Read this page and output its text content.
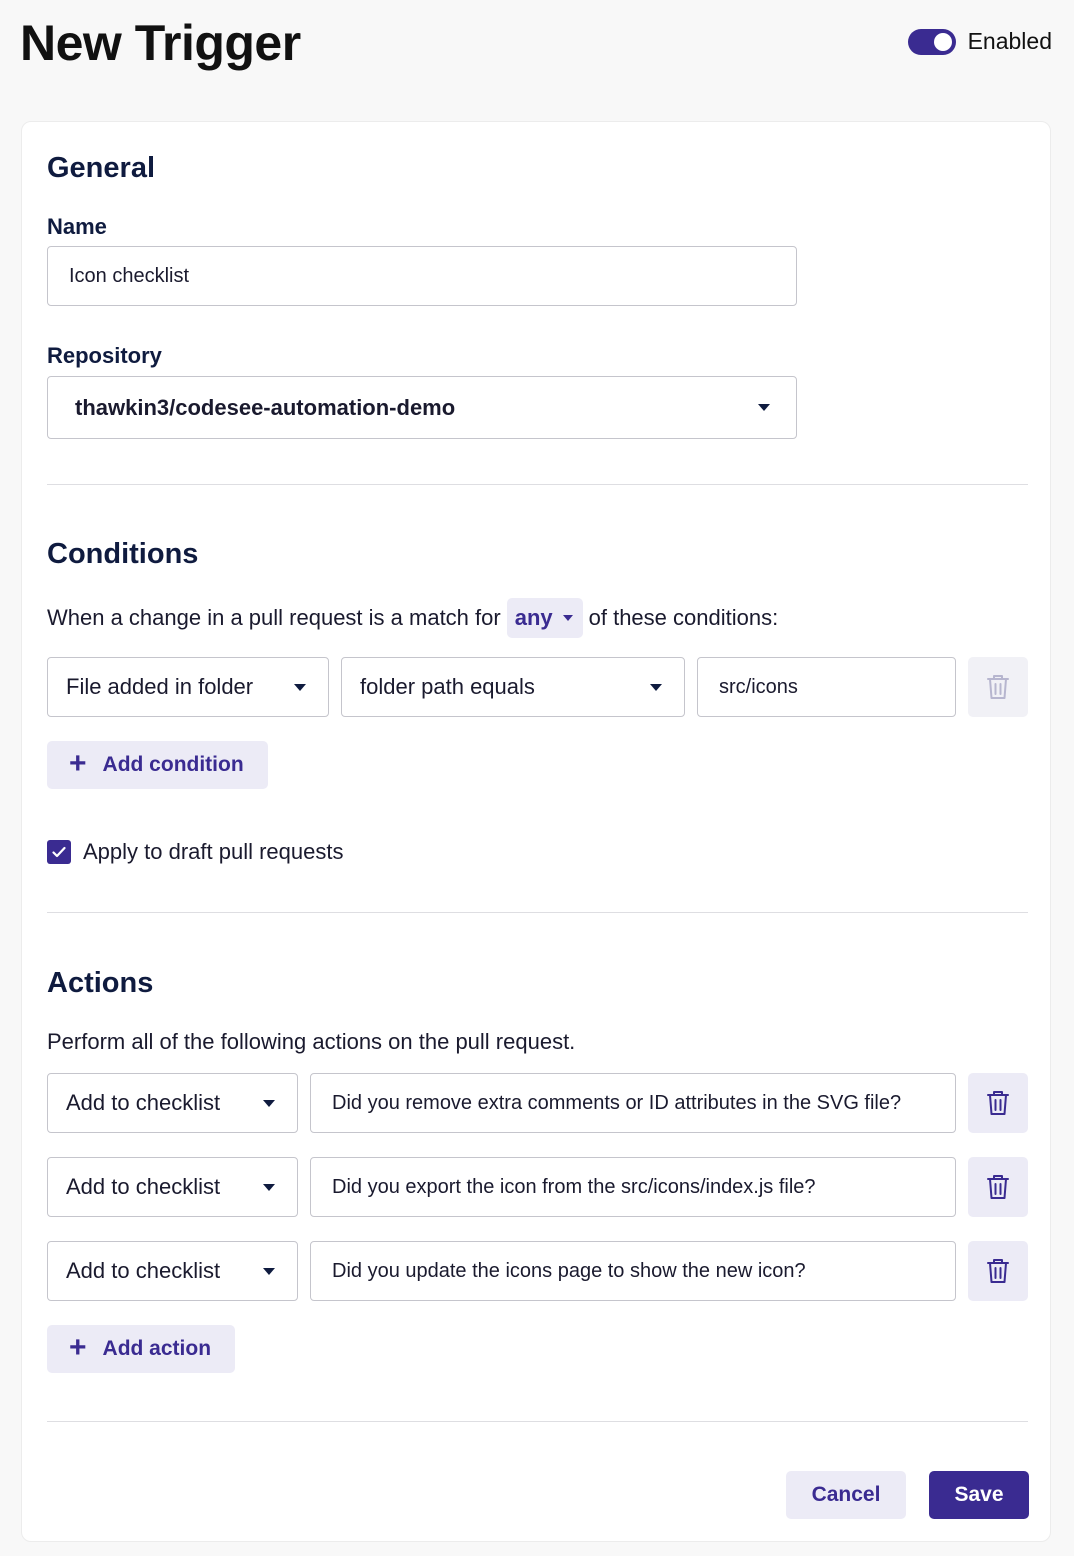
New Trigger	Enabled
General
Name
Icon checklist
Repository
thawkin3/codesee-automation-demo
Conditions
When a change in a pull request is a match for any of these conditions:
File added in folder	folder path equals	src/icons
+ Add condition
Apply to draft pull requests
Actions
Perform all of the following actions on the pull request.
Add to checklist	Did you remove extra comments or ID attributes in the SVG file?
Add to checklist	Did you export the icon from the src/icons/index.js file?
Add to checklist	Did you update the icons page to show the new icon?
+ Add action
Cancel	Save
